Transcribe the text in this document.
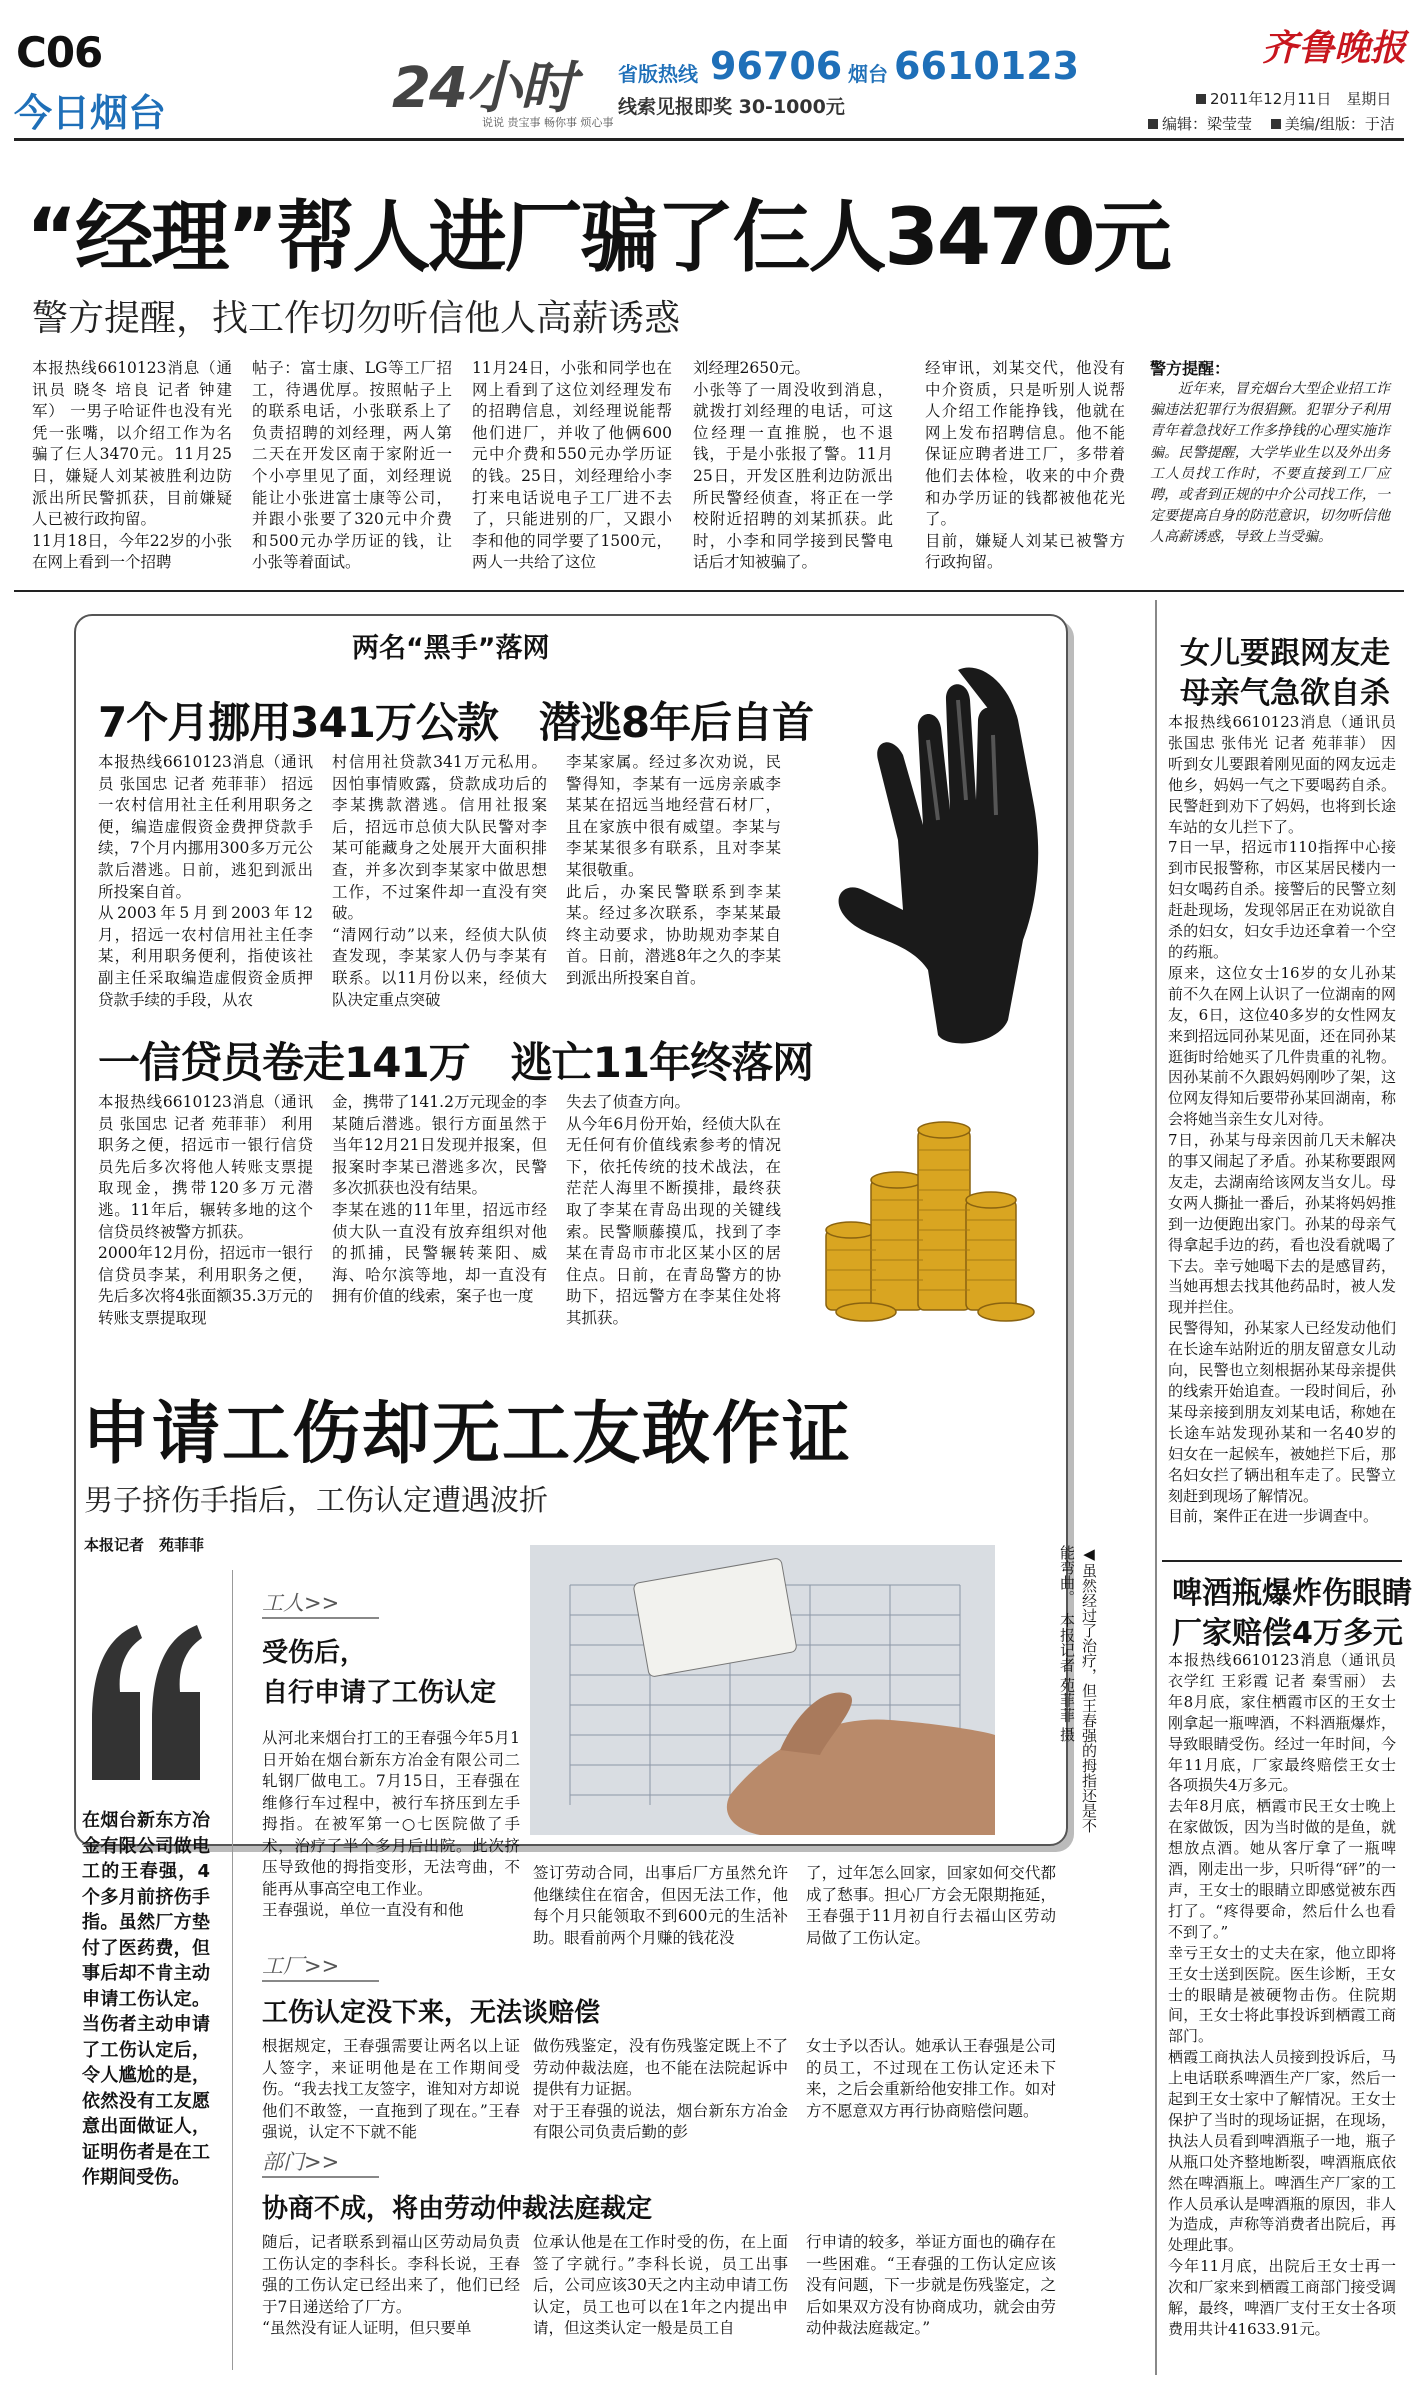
C06
今日烟台	24小时
说说 贵宝事 畅你事 烦心事
省版热线 96706 烟台 6610123
线索见报即奖 30-1000元
齐鲁晚报
2011年12月11日　星期日
编辑：梁莹莹 美编/组版：于洁
“经理”帮人进厂骗了仨人3470元
警方提醒，找工作切勿听信他人高薪诱惑
本报热线6610123消息（通讯员 晓冬 培良 记者 钟建军） 一男子哈证件也没有光凭一张嘴，以介绍工作为名骗了仨人3470元。11月25日，嫌疑人刘某被胜利边防派出所民警抓获，目前嫌疑人已被行政拘留。
11月18日，今年22岁的小张在网上看到一个招聘
帖子：富士康、LG等工厂招工，待遇优厚。按照帖子上的联系电话，小张联系上了负责招聘的刘经理，两人第二天在开发区南于家附近一个小亭里见了面，刘经理说能让小张进富士康等公司，并跟小张要了320元中介费和500元办学历证的钱，让小张等着面试。
11月24日，小张和同学也在网上看到了这位刘经理发布的招聘信息，刘经理说能帮他们进厂，并收了他俩600元中介费和550元办学历证的钱。25日，刘经理给小李打来电话说电子工厂进不去了，只能进别的厂，又跟小李和他的同学要了1500元，两人一共给了这位
刘经理2650元。
小张等了一周没收到消息，就拨打刘经理的电话，可这位经理一直推脱，也不退钱，于是小张报了警。11月25日，开发区胜利边防派出所民警经侦查，将正在一学校附近招聘的刘某抓获。此时，小李和同学接到民警电话后才知被骗了。
经审讯，刘某交代，他没有中介资质，只是听别人说帮人介绍工作能挣钱，他就在网上发布招聘信息。他不能保证应聘者进工厂，多带着他们去体检，收来的中介费和办学历证的钱都被他花光了。
目前，嫌疑人刘某已被警方行政拘留。
警方提醒：
近年来，冒充烟台大型企业招工诈骗违法犯罪行为很猖獗。犯罪分子利用青年着急找好工作多挣钱的心理实施诈骗。民警提醒，大学毕业生以及外出务工人员找工作时，不要直接到工厂应聘，或者到正规的中介公司找工作，一定要提高自身的防范意识，切勿听信他人高薪诱惑，导致上当受骗。
两名“黑手”落网
7个月挪用341万公款　潜逃8年后自首
本报热线6610123消息（通讯员 张国忠 记者 苑菲菲） 招远一农村信用社主任利用职务之便，编造虚假资金费押贷款手续，7个月内挪用300多万元公款后潜逃。日前，逃犯到派出所投案自首。
从2003年5月到2003年12月，招远一农村信用社主任李某，利用职务便利，指使该社副主任采取编造虚假资金质押贷款手续的手段，从农
村信用社贷款341万元私用。因怕事情败露，贷款成功后的李某携款潜逃。信用社报案后，招远市总侦大队民警对李某可能藏身之处展开大面积排查，并多次到李某家中做思想工作，不过案件却一直没有突破。
“清网行动”以来，经侦大队侦查发现，李某家人仍与李某有联系。以11月份以来，经侦大队决定重点突破
李某家属。经过多次劝说，民警得知，李某有一远房亲戚李某某在招远当地经营石材厂，且在家族中很有威望。李某与李某某很多有联系，且对李某某很敬重。
此后，办案民警联系到李某某。经过多次联系，李某某最终主动要求，协助规劝李某自首。日前，潜逃8年之久的李某到派出所投案自首。
一信贷员卷走141万　逃亡11年终落网
本报热线6610123消息（通讯员 张国忠 记者 苑菲菲） 利用职务之便，招远市一银行信贷员先后多次将他人转账支票提取现金，携带120多万元潜逃。11年后，辗转多地的这个信贷员终被警方抓获。
2000年12月份，招远市一银行信贷员李某，利用职务之便，先后多次将4张面额35.3万元的转账支票提取现
金，携带了141.2万元现金的李某随后潜逃。银行方面虽然于当年12月21日发现并报案，但报案时李某已潜逃多次，民警多次抓获也没有结果。
李某在逃的11年里，招远市经侦大队一直没有放弃组织对他的抓捕，民警辗转莱阳、威海、哈尔滨等地，却一直没有拥有价值的线索，案子也一度
失去了侦查方向。
从今年6月份开始，经侦大队在无任何有价值线索参考的情况下，依托传统的技术战法，在茫茫人海里不断摸排，最终获取了李某在青岛出现的关键线索。民警顺藤摸瓜，找到了李某在青岛市市北区某小区的居住点。日前，在青岛警方的协助下，招远警方在李某住处将其抓获。
女儿要跟网友走
母亲气急欲自杀
本报热线6610123消息（通讯员 张国忠 张伟光 记者 苑菲菲） 因听到女儿要跟着刚见面的网友远走他乡，妈妈一气之下要喝药自杀。民警赶到劝下了妈妈，也将到长途车站的女儿拦下了。
7日一早，招远市110指挥中心接到市民报警称，市区某居民楼内一妇女喝药自杀。接警后的民警立刻赶赴现场，发现邻居正在劝说欲自杀的妇女，妇女手边还拿着一个空的药瓶。
原来，这位女士16岁的女儿孙某前不久在网上认识了一位湖南的网友，6日，这位40多岁的女性网友来到招远同孙某见面，还在同孙某逛街时给她买了几件贵重的礼物。因孙某前不久跟妈妈刚吵了架，这位网友得知后要带孙某回湖南，称会将她当亲生女儿对待。
7日，孙某与母亲因前几天未解决的事又闹起了矛盾。孙某称要跟网友走，去湖南给该网友当女儿。母女两人撕扯一番后，孙某将妈妈推到一边便跑出家门。孙某的母亲气得拿起手边的药，看也没看就喝了下去。幸亏她喝下去的是感冒药，当她再想去找其他药品时，被人发现并拦住。
民警得知，孙某家人已经发动他们在长途车站附近的朋友留意女儿动向，民警也立刻根据孙某母亲提供的线索开始追查。一段时间后，孙某母亲接到朋友刘某电话，称她在长途车站发现孙某和一名40岁的妇女在一起候车，被她拦下后，那名妇女拦了辆出租车走了。民警立刻赶到现场了解情况。
目前，案件正在进一步调查中。
啤酒瓶爆炸伤眼睛
厂家赔偿4万多元
本报热线6610123消息（通讯员 衣学红 王彩霞 记者 秦雪丽） 去年8月底，家住栖霞市区的王女士刚拿起一瓶啤酒，不料酒瓶爆炸，导致眼睛受伤。经过一年时间，今年11月底，厂家最终赔偿王女士各项损失4万多元。
去年8月底，栖霞市民王女士晚上在家做饭，因为当时做的是鱼，就想放点酒。她从客厅拿了一瓶啤酒，刚走出一步，只听得“砰”的一声，王女士的眼睛立即感觉被东西打了。“疼得要命，然后什么也看不到了。”
幸亏王女士的丈夫在家，他立即将王女士送到医院。医生诊断，王女士的眼睛是被硬物击伤。住院期间，王女士将此事投诉到栖霞工商部门。
栖霞工商执法人员接到投诉后，马上电话联系啤酒生产厂家，然后一起到王女士家中了解情况。王女士保护了当时的现场证据，在现场，执法人员看到啤酒瓶子一地，瓶子从瓶口处齐整地断裂，啤酒瓶底依然在啤酒瓶上。啤酒生产厂家的工作人员承认是啤酒瓶的原因，非人为造成，声称等消费者出院后，再处理此事。
今年11月底，出院后王女士再一次和厂家来到栖霞工商部门接受调解，最终，啤酒厂支付王女士各项费用共计41633.91元。
申请工伤却无工友敢作证
男子挤伤手指后，工伤认定遭遇波折
本报记者　苑菲菲
在烟台新东方冶金有限公司做电工的王春强，4个多月前挤伤手指。虽然厂方垫付了医药费，但事后却不肯主动申请工伤认定。当伤者主动申请了工伤认定后，令人尴尬的是，依然没有工友愿意出面做证人，证明伤者是在工作期间受伤。
◀虽然经过了治疗，但王春强的拇指还是不能弯曲。　本报记者 苑菲菲 摄
工人>>
受伤后，
自行申请了工伤认定
从河北来烟台打工的王春强今年5月1日开始在烟台新东方冶金有限公司二轧钢厂做电工。7月15日，王春强在维修行车过程中，被行车挤压到左手拇指。在被军第一○七医院做了手术，治疗了半个多月后出院。此次挤压导致他的拇指变形，无法弯曲，不能再从事高空电工作业。
王春强说，单位一直没有和他
签订劳动合同，出事后厂方虽然允许他继续住在宿舍，但因无法工作，他每个月只能领取不到600元的生活补助。眼看前两个月赚的钱花没
了，过年怎么回家，回家如何交代都成了愁事。担心厂方会无限期拖延，王春强于11月初自行去福山区劳动局做了工伤认定。
工厂>>
工伤认定没下来，无法谈赔偿
根据规定，王春强需要让两名以上证人签字，来证明他是在工作期间受伤。“我去找工友签字，谁知对方却说他们不敢签，一直拖到了现在。”王春强说，认定不下就不能
做伤残鉴定，没有伤残鉴定既上不了劳动仲裁法庭，也不能在法院起诉中提供有力证据。
对于王春强的说法，烟台新东方冶金有限公司负责后勤的彭
女士予以否认。她承认王春强是公司的员工，不过现在工伤认定还未下来，之后会重新给他安排工作。如对方不愿意双方再行协商赔偿问题。
部门>>
协商不成，将由劳动仲裁法庭裁定
随后，记者联系到福山区劳动局负责工伤认定的李科长。李科长说，王春强的工伤认定已经出来了，他们已经于7日递送给了厂方。
“虽然没有证人证明，但只要单
位承认他是在工作时受的伤，在上面签了字就行。”李科长说，员工出事后，公司应该30天之内主动申请工伤认定，员工也可以在1年之内提出申请，但这类认定一般是员工自
行申请的较多，举证方面也的确存在一些困难。“王春强的工伤认定应该没有问题，下一步就是伤残鉴定，之后如果双方没有协商成功，就会由劳动仲裁法庭裁定。”
